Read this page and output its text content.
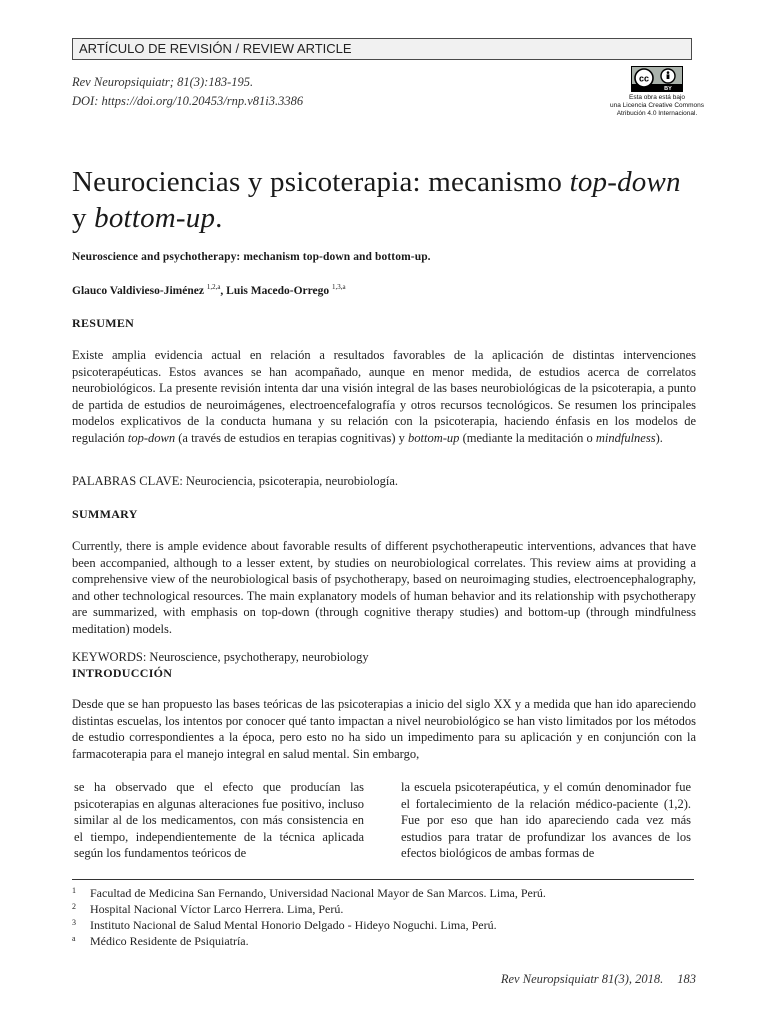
ARTÍCULO DE REVISIÓN / REVIEW ARTICLE
Rev Neuropsiquiatr; 81(3):183-195.
DOI: https://doi.org/10.20453/rnp.v81i3.3386
cc
BY
Esta obra está bajo
una Licencia Creative Commons
Atribución 4.0 Internacional.
Neurociencias y psicoterapia: mecanismo top-down y bottom-up.
Neuroscience and psychotherapy: mechanism top-down and bottom-up.
Glauco Valdivieso-Jiménez $^{1,2,a}$, Luis Macedo-Orrego $^{1,3,a}$
RESUMEN
Existe amplia evidencia actual en relación a resultados favorables de la aplicación de distintas intervenciones psicoterapéuticas. Estos avances se han acompañado, aunque en menor medida, de estudios acerca de correlatos neurobiológicos. La presente revisión intenta dar una visión integral de las bases neurobiológicas de la psicoterapia, a punto de partida de estudios de neuroimágenes, electroencefalografía y otros recursos tecnológicos. Se resumen los principales modelos explicativos de la conducta humana y su relación con la psicoterapia, haciendo énfasis en los modelos de regulación top-down (a través de estudios en terapias cognitivas) y bottom-up (mediante la meditación o mindfulness).
PALABRAS CLAVE: Neurociencia, psicoterapia, neurobiología.
SUMMARY
Currently, there is ample evidence about favorable results of different psychotherapeutic interventions, advances that have been accompanied, although to a lesser extent, by studies on neurobiological correlates. This review aims at providing a comprehensive view of the neurobiological basis of psychotherapy, based on neuroimaging studies, electroencephalography, and other technological resources. The main explanatory models of human behavior and its relationship with psychotherapy are summarized, with emphasis on top-down (through cognitive therapy studies) and bottom-up (through mindfulness meditation) models.
KEYWORDS: Neuroscience, psychotherapy, neurobiology
INTRODUCCIÓN
Desde que se han propuesto las bases teóricas de las psicoterapias a inicio del siglo XX y a medida que han ido apareciendo distintas escuelas, los intentos por conocer qué tanto impactan a nivel neurobiológico se han visto limitados por los métodos de estudio correspondientes a la época, pero esto no ha sido un impedimento para su aplicación y en conjunción con la farmacoterapia para el manejo integral en salud mental. Sin embargo,
se ha observado que el efecto que producían las psicoterapias en algunas alteraciones fue positivo, incluso similar al de los medicamentos, con más consistencia en el tiempo, independientemente de la técnica aplicada según los fundamentos teóricos de
la escuela psicoterapéutica, y el común denominador fue el fortalecimiento de la relación médico-paciente (1,2). Fue por eso que han ido apareciendo cada vez más estudios para tratar de profundizar los avances de los efectos biológicos de ambas formas de
1	Facultad de Medicina San Fernando, Universidad Nacional Mayor de San Marcos. Lima, Perú.
2	Hospital Nacional Víctor Larco Herrera. Lima, Perú.
3	Instituto Nacional de Salud Mental Honorio Delgado - Hideyo Noguchi. Lima, Perú.
a	Médico Residente de Psiquiatría.
Rev Neuropsiquiatr 81(3), 2018. 183
